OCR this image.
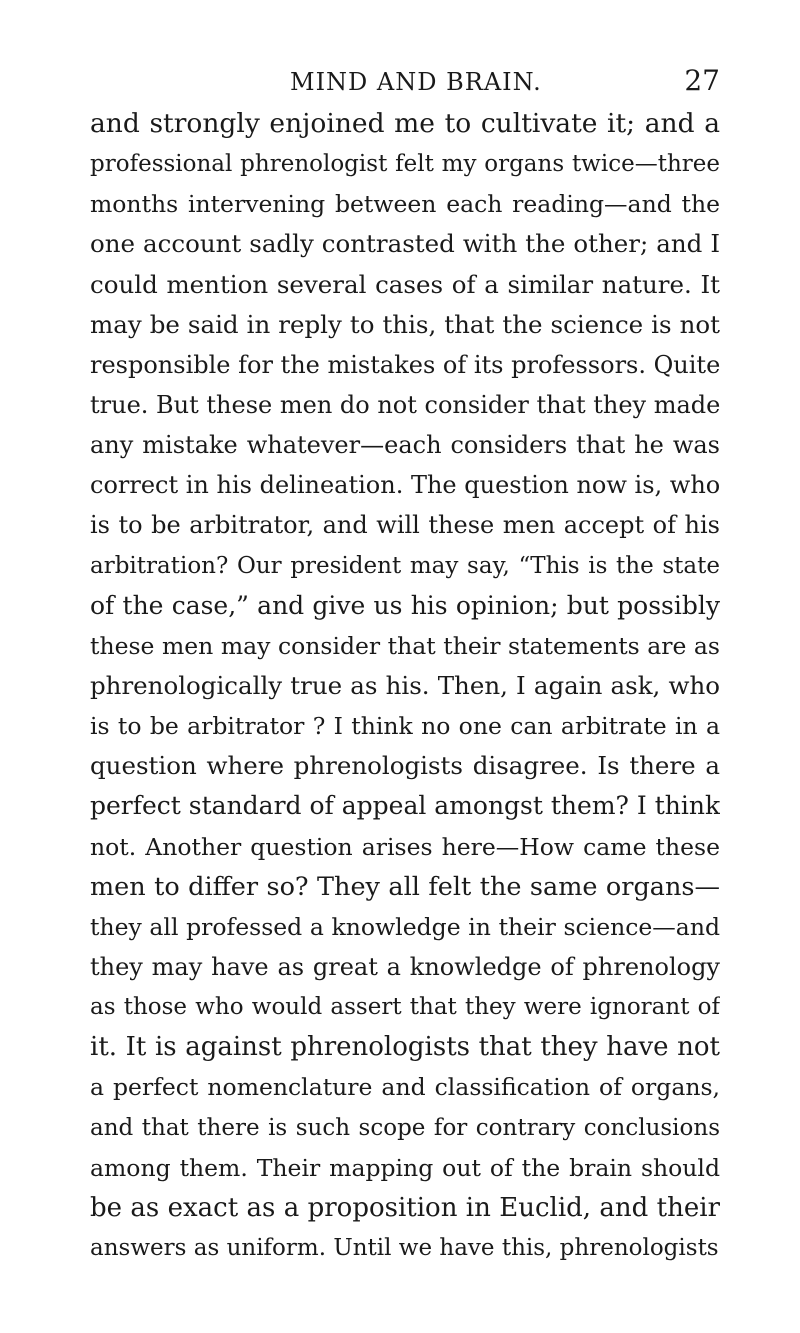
MIND AND BRAIN.	27
and strongly enjoined me to cultivate it; and a
professional phrenologist felt my organs twice—three
months intervening between each reading—and the
one account sadly contrasted with the other; and I
could mention several cases of a similar nature. It
may be said in reply to this, that the science is not
responsible for the mistakes of its professors. Quite
true. But these men do not consider that they made
any mistake whatever—each considers that he was
correct in his delineation. The question now is, who
is to be arbitrator, and will these men accept of his
arbitration? Our president may say, “This is the state
of the case,” and give us his opinion; but possibly
these men may consider that their statements are as
phrenologically true as his. Then, I again ask, who
is to be arbitrator ? I think no one can arbitrate in a
question where phrenologists disagree. Is there a
perfect standard of appeal amongst them? I think
not. Another question arises here—How came these
men to differ so? They all felt the same organs—
they all professed a knowledge in their science—and
they may have as great a knowledge of phrenology
as those who would assert that they were ignorant of
it. It is against phrenologists that they have not
a perfect nomenclature and classification of organs,
and that there is such scope for contrary conclusions
among them. Their mapping out of the brain should
be as exact as a proposition in Euclid, and their
answers as uniform. Until we have this, phrenologists
